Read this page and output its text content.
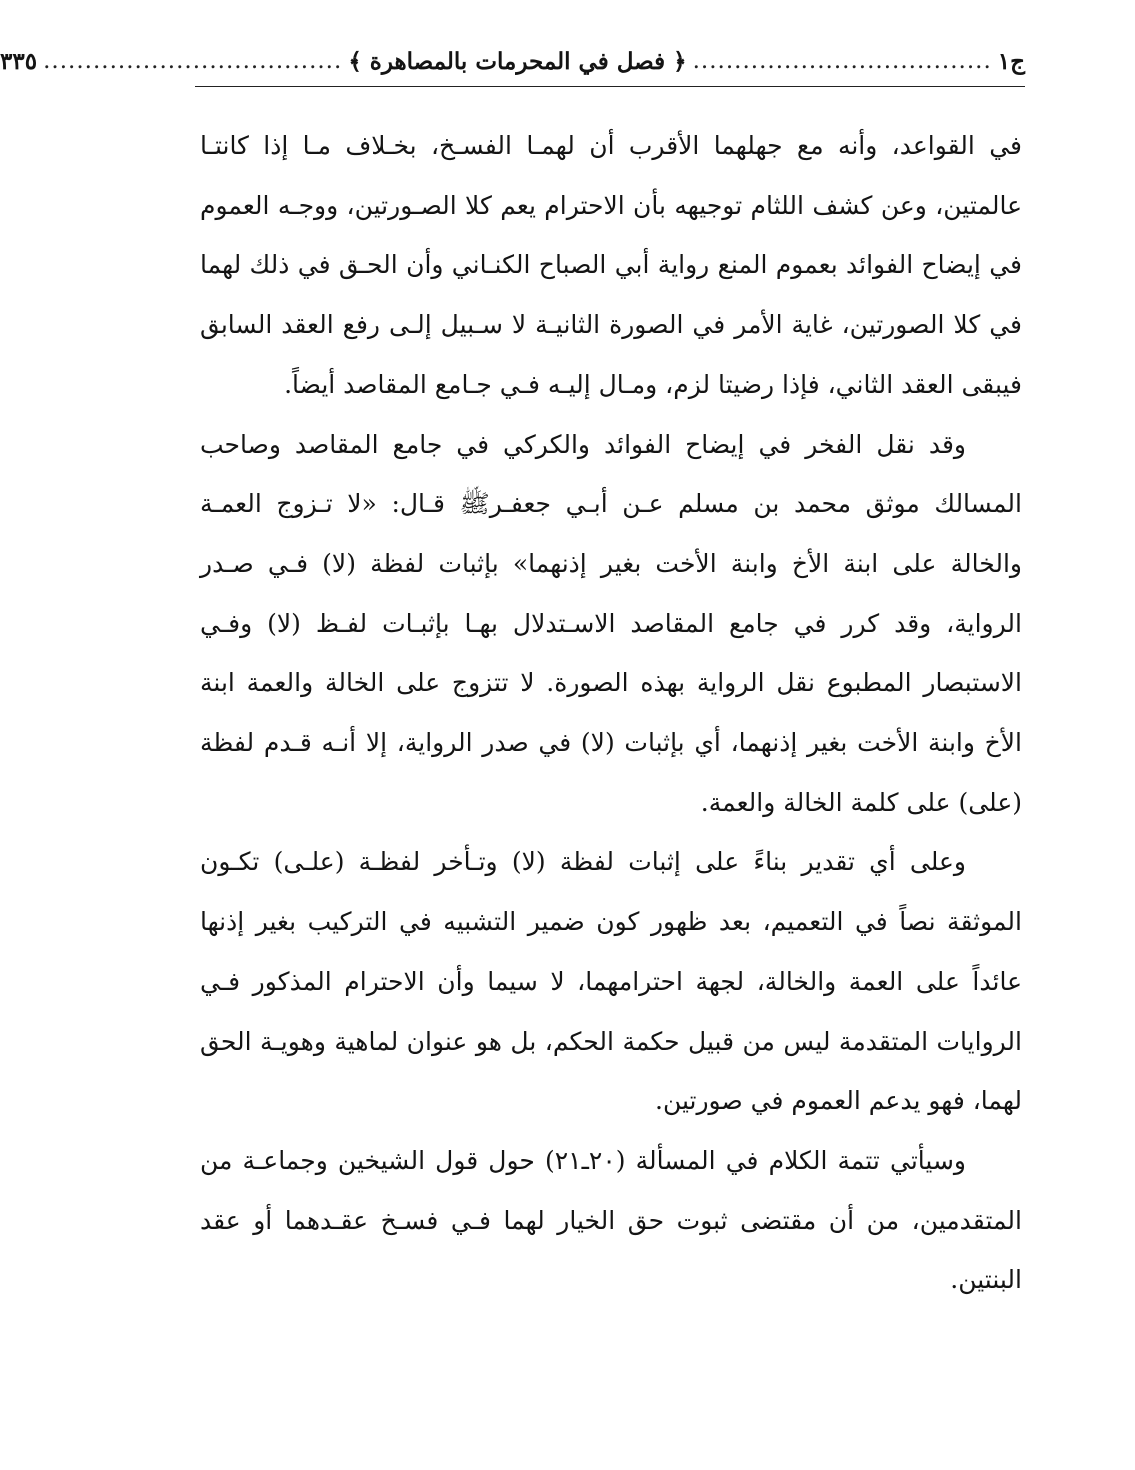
ج١
....................................
﴿ فصل في المحرمات بالمصاهرة ﴾
....................................
٣٣٥

في القواعد، وأنه مع جهلهما الأقرب أن لهمـا الفسـخ، بخـلاف مـا إذا كانتـا عالمتين، وعن كشف اللثام توجيهه بأن الاحترام يعم كلا الصـورتين، ووجـه العموم في إيضاح الفوائد بعموم المنع رواية أبي الصباح الكنـاني وأن الحـق في ذلك لهما في كلا الصورتين، غاية الأمر في الصورة الثانيـة لا سـبيل إلـى رفع العقد السابق فيبقى العقد الثاني، فإذا رضيتا لزم، ومـال إليـه فـي جـامع المقاصد أيضاً.

وقد نقل الفخر في إيضاح الفوائد والكركي في جامع المقاصد وصاحب المسالك موثق محمد بن مسلم عـن أبـي جعفـرﷺ قـال: «لا تـزوج العمـة والخالة على ابنة الأخ وابنة الأخت بغير إذنهما» بإثبات لفظة (لا) فـي صـدر الرواية، وقد كرر في جامع المقاصد الاسـتدلال بهـا بإثبـات لفـظ (لا) وفـي الاستبصار المطبوع نقل الرواية بهذه الصورة. لا تتزوج على الخالة والعمة ابنة الأخ وابنة الأخت بغير إذنهما، أي بإثبات (لا) في صدر الرواية، إلا أنـه قـدم لفظة (على) على كلمة الخالة والعمة.

وعلى أي تقدير بناءً على إثبات لفظة (لا) وتـأخر لفظـة (علـى) تكـون الموثقة نصاً في التعميم، بعد ظهور كون ضمير التشبيه في التركيب بغير إذنها عائداً على العمة والخالة، لجهة احترامهما، لا سيما وأن الاحترام المذكور فـي الروايات المتقدمة ليس من قبيل حكمة الحكم، بل هو عنوان لماهية وهويـة الحق لهما، فهو يدعم العموم في صورتين.

وسيأتي تتمة الكلام في المسألة (٢٠ـ٢١) حول قول الشيخين وجماعـة من المتقدمين، من أن مقتضى ثبوت حق الخيار لهما فـي فسـخ عقـدهما أو عقد البنتين.
